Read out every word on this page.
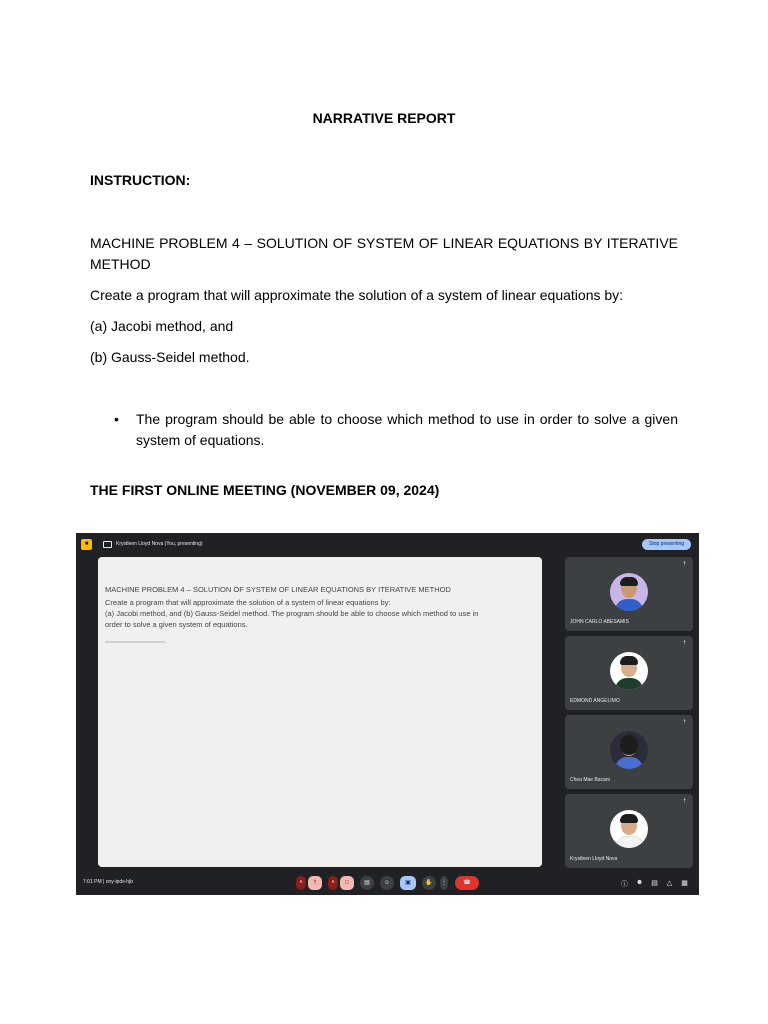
NARRATIVE REPORT
INSTRUCTION:
MACHINE PROBLEM 4 – SOLUTION OF SYSTEM OF LINEAR EQUATIONS BY ITERATIVE METHOD
Create a program that will approximate the solution of a system of linear equations by:
(a) Jacobi method, and
(b) Gauss-Seidel method.
• The program should be able to choose which method to use in order to solve a given system of equations.
THE FIRST ONLINE MEETING (NOVEMBER 09, 2024)
■	Krystleen Lloyd Nova (You, presenting)	Stop presenting
MACHINE PROBLEM 4 – SOLUTION OF SYSTEM OF LINEAR EQUATIONS BY ITERATIVE METHOD
Create a program that will approximate the solution of a system of linear equations by:
(a) Jacobi method, and (b) Gauss-Seidel method. The program should be able to choose which method to use in
order to solve a given system of equations.
†
JOHN CARLO ABESAMIS
†
EDMOND ANGELIMO
†
Chea Mae Bacani
†
Krystleen Lloyd Nova
7:01 PM | ony-ipds-hjb	˄	†	˄	□	▤	☺	▣	✋	⋮	☎	ⓘ ☻ ▤ △ ▦
